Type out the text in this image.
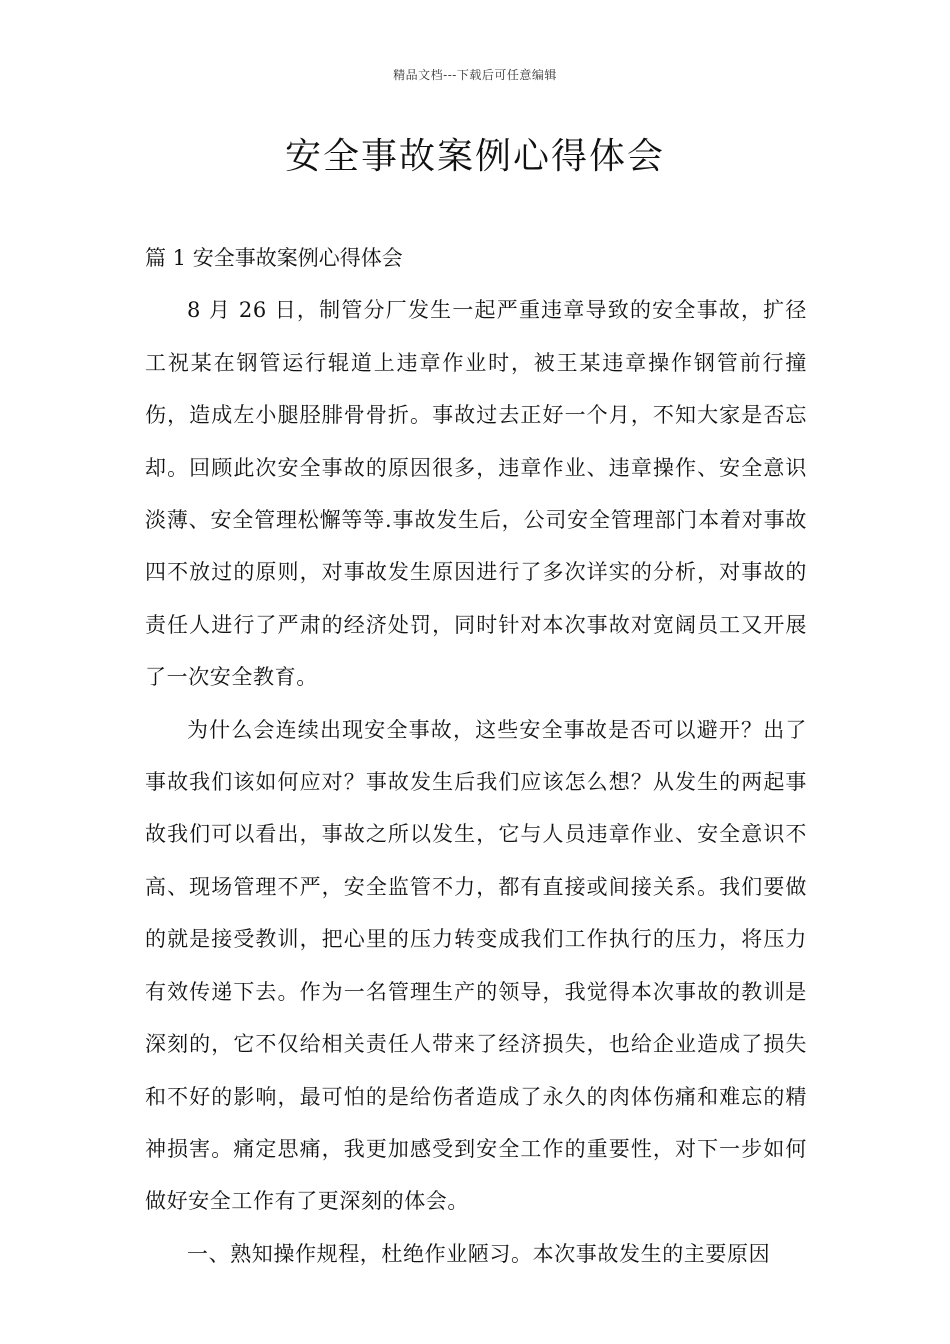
精品文档---下载后可任意编辑
安全事故案例心得体会

篇 1 安全事故案例心得体会

8 月 26 日，制管分厂发生一起严重违章导致的安全事故，扩径工祝某在钢管运行辊道上违章作业时，被王某违章操作钢管前行撞伤，造成左小腿胫腓骨骨折。事故过去正好一个月，不知大家是否忘却。回顾此次安全事故的原因很多，违章作业、违章操作、安全意识淡薄、安全管理松懈等等.事故发生后，公司安全管理部门本着对事故四不放过的原则，对事故发生原因进行了多次详实的分析，对事故的责任人进行了严肃的经济处罚，同时针对本次事故对宽阔员工又开展了一次安全教育。

为什么会连续出现安全事故，这些安全事故是否可以避开？出了事故我们该如何应对？事故发生后我们应该怎么想？从发生的两起事故我们可以看出，事故之所以发生，它与人员违章作业、安全意识不高、现场管理不严，安全监管不力，都有直接或间接关系。我们要做的就是接受教训，把心里的压力转变成我们工作执行的压力，将压力有效传递下去。作为一名管理生产的领导，我觉得本次事故的教训是深刻的，它不仅给相关责任人带来了经济损失，也给企业造成了损失和不好的影响，最可怕的是给伤者造成了永久的肉体伤痛和难忘的精神损害。痛定思痛，我更加感受到安全工作的重要性，对下一步如何做好安全工作有了更深刻的体会。

一、熟知操作规程，杜绝作业陋习。本次事故发生的主要原因
